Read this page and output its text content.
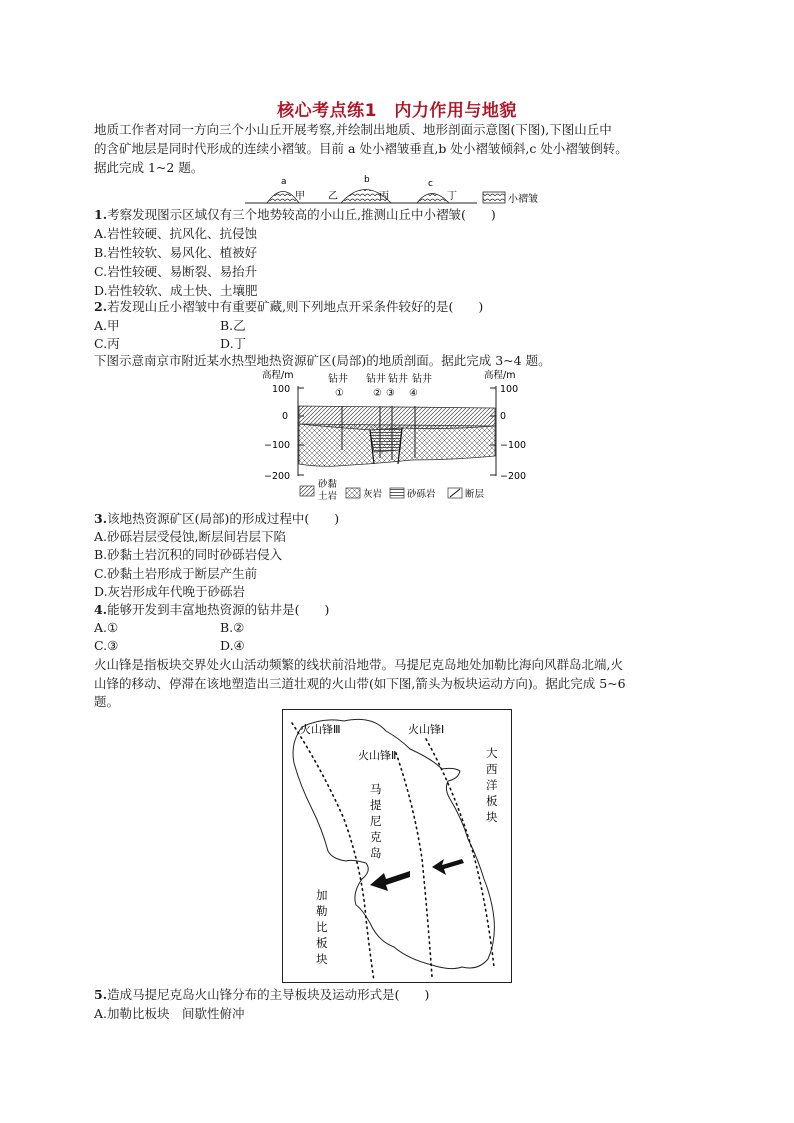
核心考点练1　内力作用与地貌
地质工作者对同一方向三个小山丘开展考察,并绘制出地质、地形剖面示意图(下图),下图山丘中
的含矿地层是同时代形成的连续小褶皱。目前 a 处小褶皱垂直,b 处小褶皱倾斜,c 处小褶皱倒转。
据此完成 1~2 题。
a
甲 乙
b
丙
c
丁	小褶皱
1.考察发现图示区域仅有三个地势较高的小山丘,推测山丘中小褶皱(　　)
A.岩性较硬、抗风化、抗侵蚀
B.岩性较软、易风化、植被好
C.岩性较硬、易断裂、易抬升
D.岩性较软、成土快、土壤肥
2.若发现山丘小褶皱中有重要矿藏,则下列地点开采条件较好的是(　　)
A.甲	B.乙
C.丙	D.丁
下图示意南京市附近某水热型地热资源矿区(局部)的地质剖面。据此完成 3~4 题。
高程/m	高程/m
100
0
−100
−200
100
0
−100
−200
钻井 钻井 钻井 钻井
①	② ③ ④
砂黏
土岩	灰岩	砂砾岩	断层
3.该地热资源矿区(局部)的形成过程中(　　)
A.砂砾岩层受侵蚀,断层间岩层下陷
B.砂黏土岩沉积的同时砂砾岩侵入
C.砂黏土岩形成于断层产生前
D.灰岩形成年代晚于砂砾岩
4.能够开发到丰富地热资源的钻井是(　　)
A.①	B.②
C.③	D.④
火山锋是指板块交界处火山活动频繁的线状前沿地带。马提尼克岛地处加勒比海向风群岛北端,火
山锋的移动、停滞在该地塑造出三道壮观的火山带(如下图,箭头为板块运动方向)。据此完成 5~6
题。
火山锋Ⅲ
火山锋Ⅱ
火山锋Ⅰ
大
西
洋
板
块
马
提
尼
克
岛
加
勒
比
板
块
5.造成马提尼克岛火山锋分布的主导板块及运动形式是(　　)
A.加勒比板块　间歇性俯冲
